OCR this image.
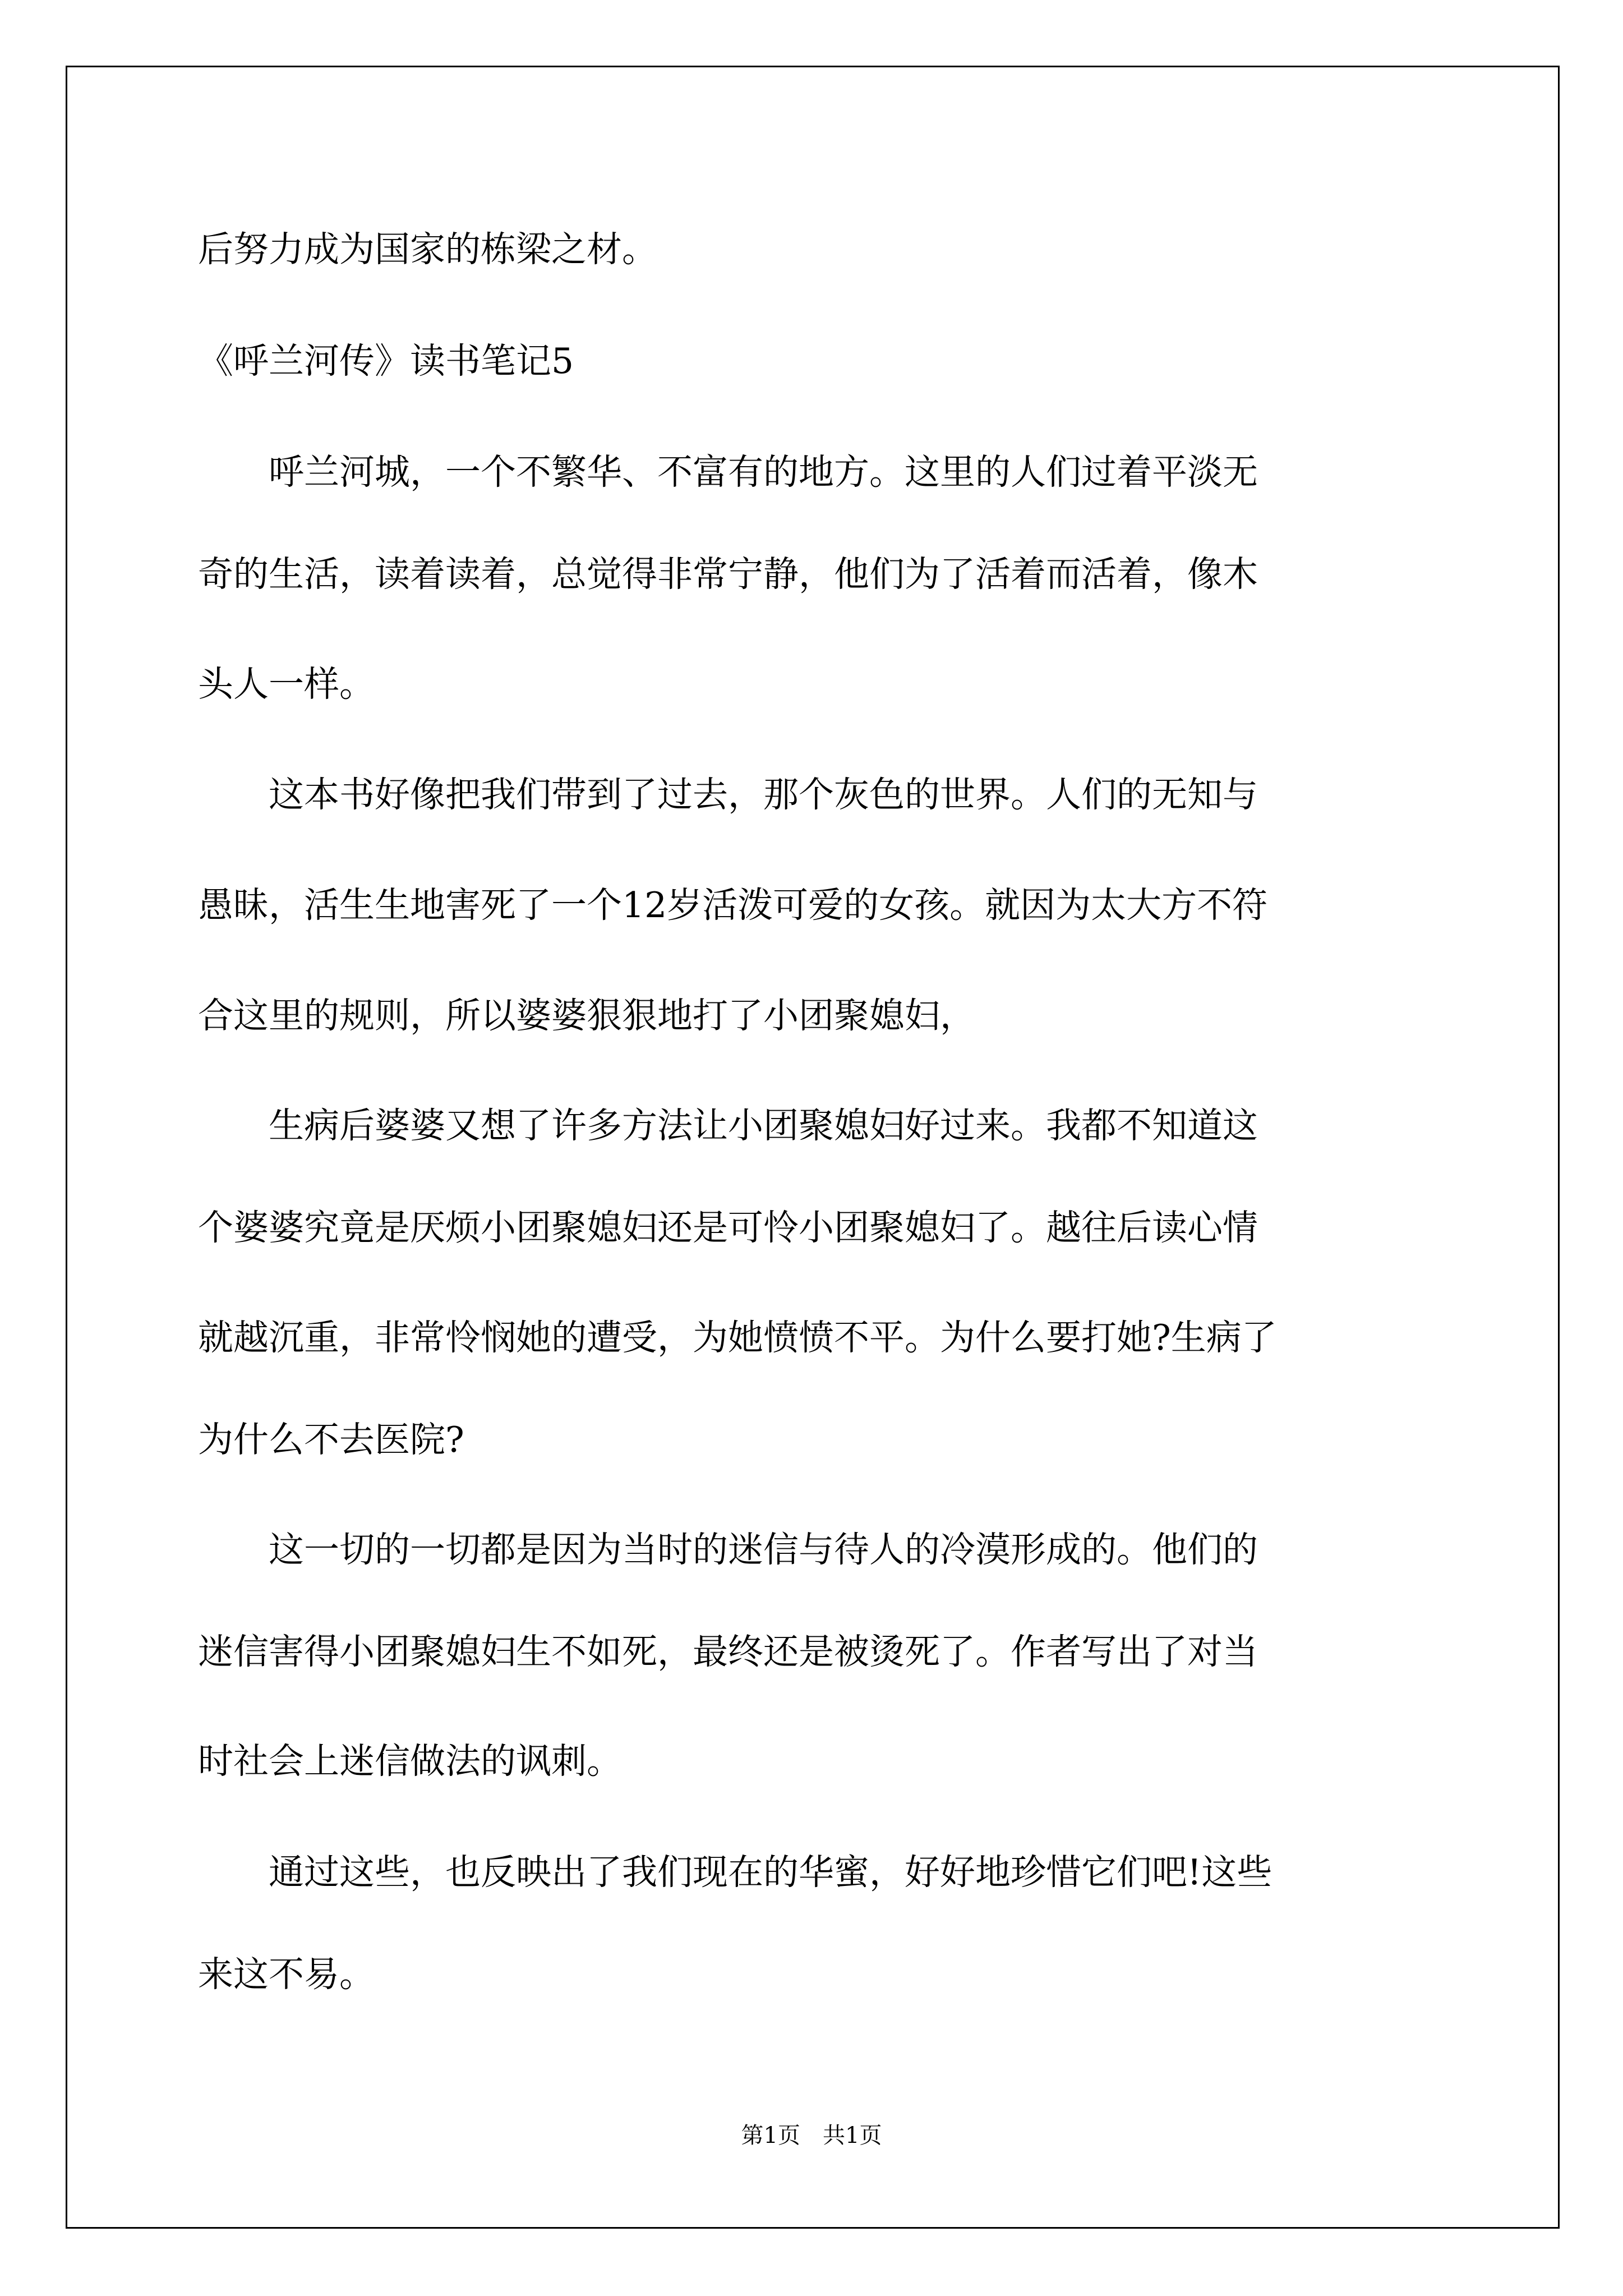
后努力成为国家的栋梁之材。
《呼兰河传》读书笔记5
　　呼兰河城，一个不繁华、不富有的地方。这里的人们过着平淡无
奇的生活，读着读着，总觉得非常宁静，他们为了活着而活着，像木
头人一样。
　　这本书好像把我们带到了过去，那个灰色的世界。人们的无知与
愚昧，活生生地害死了一个12岁活泼可爱的女孩。就因为太大方不符
合这里的规则，所以婆婆狠狠地打了小团聚媳妇，
　　生病后婆婆又想了许多方法让小团聚媳妇好过来。我都不知道这
个婆婆究竟是厌烦小团聚媳妇还是可怜小团聚媳妇了。越往后读心情
就越沉重，非常怜悯她的遭受，为她愤愤不平。为什么要打她?生病了
为什么不去医院?
　　这一切的一切都是因为当时的迷信与待人的冷漠形成的。他们的
迷信害得小团聚媳妇生不如死，最终还是被烫死了。作者写出了对当
时社会上迷信做法的讽刺。
　　通过这些，也反映出了我们现在的华蜜，好好地珍惜它们吧!这些
来这不易。
第1页　共1页
